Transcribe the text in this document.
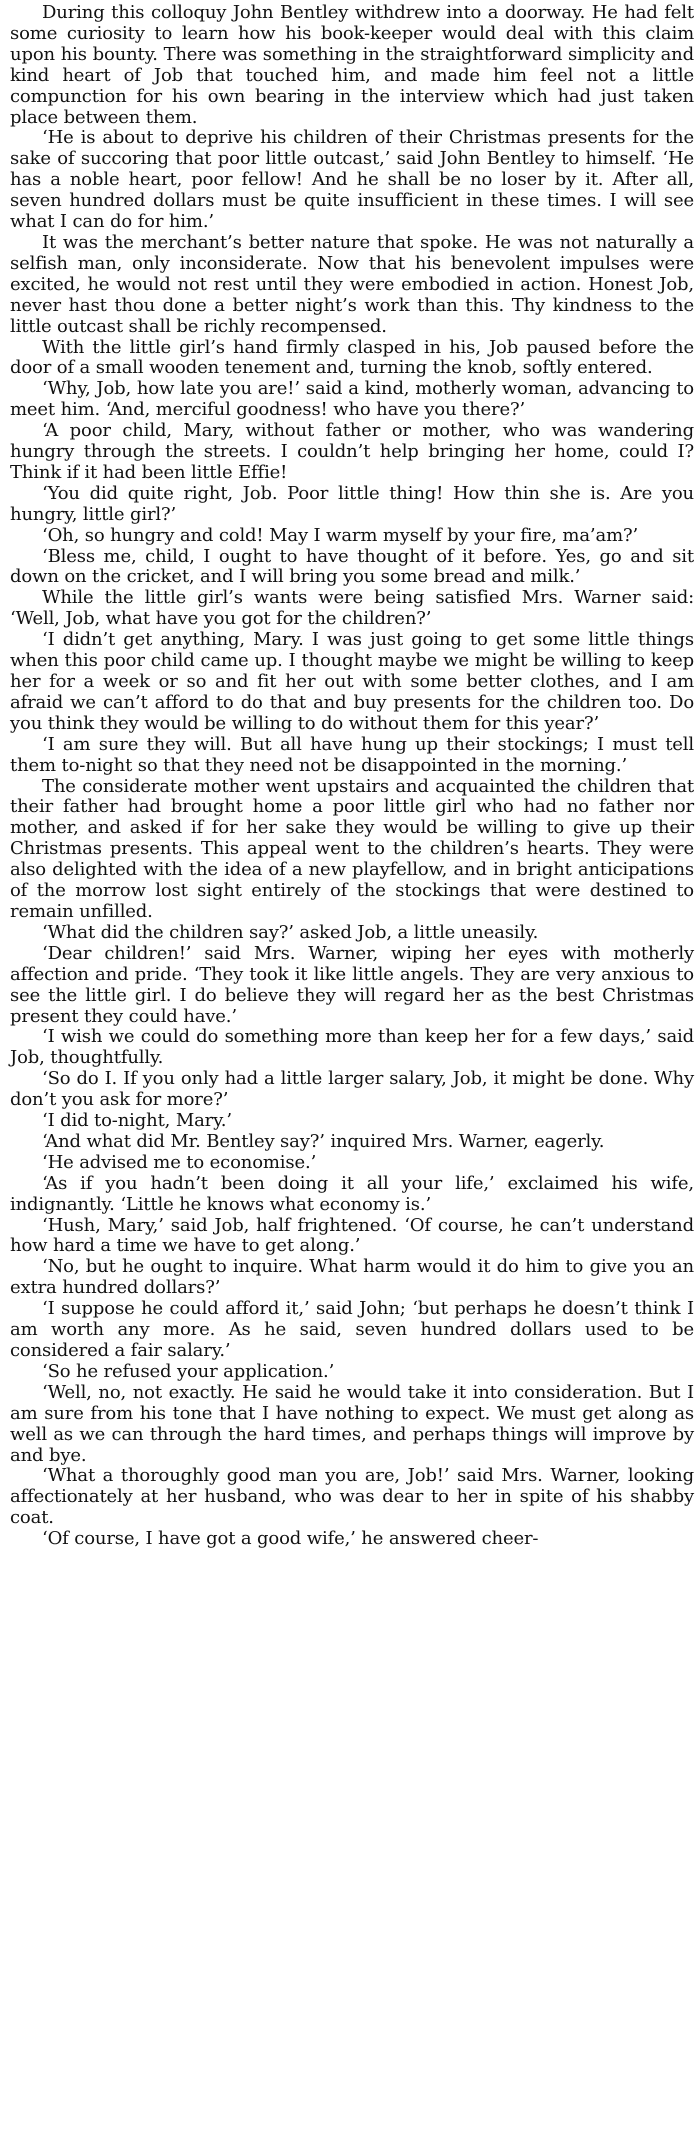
During this colloquy John Bentley withdrew into a doorway. He had felt some curiosity to learn how his book-keeper would deal with this claim upon his bounty. There was something in the straightforward simplicity and kind heart of Job that touched him, and made him feel not a little compunction for his own bearing in the interview which had just taken place between them.

‘He is about to deprive his children of their Christmas presents for the sake of succoring that poor little outcast,’ said John Bentley to himself. ‘He has a noble heart, poor fellow! And he shall be no loser by it. After all, seven hundred dollars must be quite insufficient in these times. I will see what I can do for him.’

It was the merchant’s better nature that spoke. He was not naturally a selfish man, only inconsiderate. Now that his benevolent impulses were excited, he would not rest until they were embodied in action. Honest Job, never hast thou done a better night’s work than this. Thy kindness to the little outcast shall be richly recompensed.

With the little girl’s hand firmly clasped in his, Job paused before the door of a small wooden tenement and, turning the knob, softly entered.

‘Why, Job, how late you are!’ said a kind, motherly woman, advancing to meet him. ‘And, merciful goodness! who have you there?’

‘A poor child, Mary, without father or mother, who was wandering hungry through the streets. I couldn’t help bringing her home, could I? Think if it had been little Effie!

‘You did quite right, Job. Poor little thing! How thin she is. Are you hungry, little girl?’

‘Oh, so hungry and cold! May I warm myself by your fire, ma’am?’

‘Bless me, child, I ought to have thought of it before. Yes, go and sit down on the cricket, and I will bring you some bread and milk.’

While the little girl’s wants were being satisfied Mrs. Warner said: ‘Well, Job, what have you got for the children?’

‘I didn’t get anything, Mary. I was just going to get some little things when this poor child came up. I thought maybe we might be willing to keep her for a week or so and fit her out with some better clothes, and I am afraid we can’t afford to do that and buy presents for the children too. Do you think they would be willing to do without them for this year?’

‘I am sure they will. But all have hung up their stockings; I must tell them to-night so that they need not be disappointed in the morning.’

The considerate mother went upstairs and acquainted the children that their father had brought home a poor little girl who had no father nor mother, and asked if for her sake they would be willing to give up their Christmas presents. This appeal went to the children’s hearts. They were also delighted with the idea of a new playfellow, and in bright anticipations of the morrow lost sight entirely of the stockings that were destined to remain unfilled.

‘What did the children say?’ asked Job, a little uneasily.

‘Dear children!’ said Mrs. Warner, wiping her eyes with motherly affection and pride. ‘They took it like little angels. They are very anxious to see the little girl. I do believe they will regard her as the best Christmas present they could have.’

‘I wish we could do something more than keep her for a few days,’ said Job, thoughtfully.

‘So do I. If you only had a little larger salary, Job, it might be done. Why don’t you ask for more?’

‘I did to-night, Mary.’

‘And what did Mr. Bentley say?’ inquired Mrs. Warner, eagerly.

‘He advised me to economise.’

‘As if you hadn’t been doing it all your life,’ exclaimed his wife, indignantly. ‘Little he knows what economy is.’

‘Hush, Mary,’ said Job, half frightened. ‘Of course, he can’t understand how hard a time we have to get along.’

‘No, but he ought to inquire. What harm would it do him to give you an extra hundred dollars?’

‘I suppose he could afford it,’ said John; ‘but perhaps he doesn’t think I am worth any more. As he said, seven hundred dollars used to be considered a fair salary.’

‘So he refused your application.’

‘Well, no, not exactly. He said he would take it into consideration. But I am sure from his tone that I have nothing to expect. We must get along as well as we can through the hard times, and perhaps things will improve by and bye.

‘What a thoroughly good man you are, Job!’ said Mrs. Warner, looking affectionately at her husband, who was dear to her in spite of his shabby coat.

‘Of course, I have got a good wife,’ he answered cheer-
